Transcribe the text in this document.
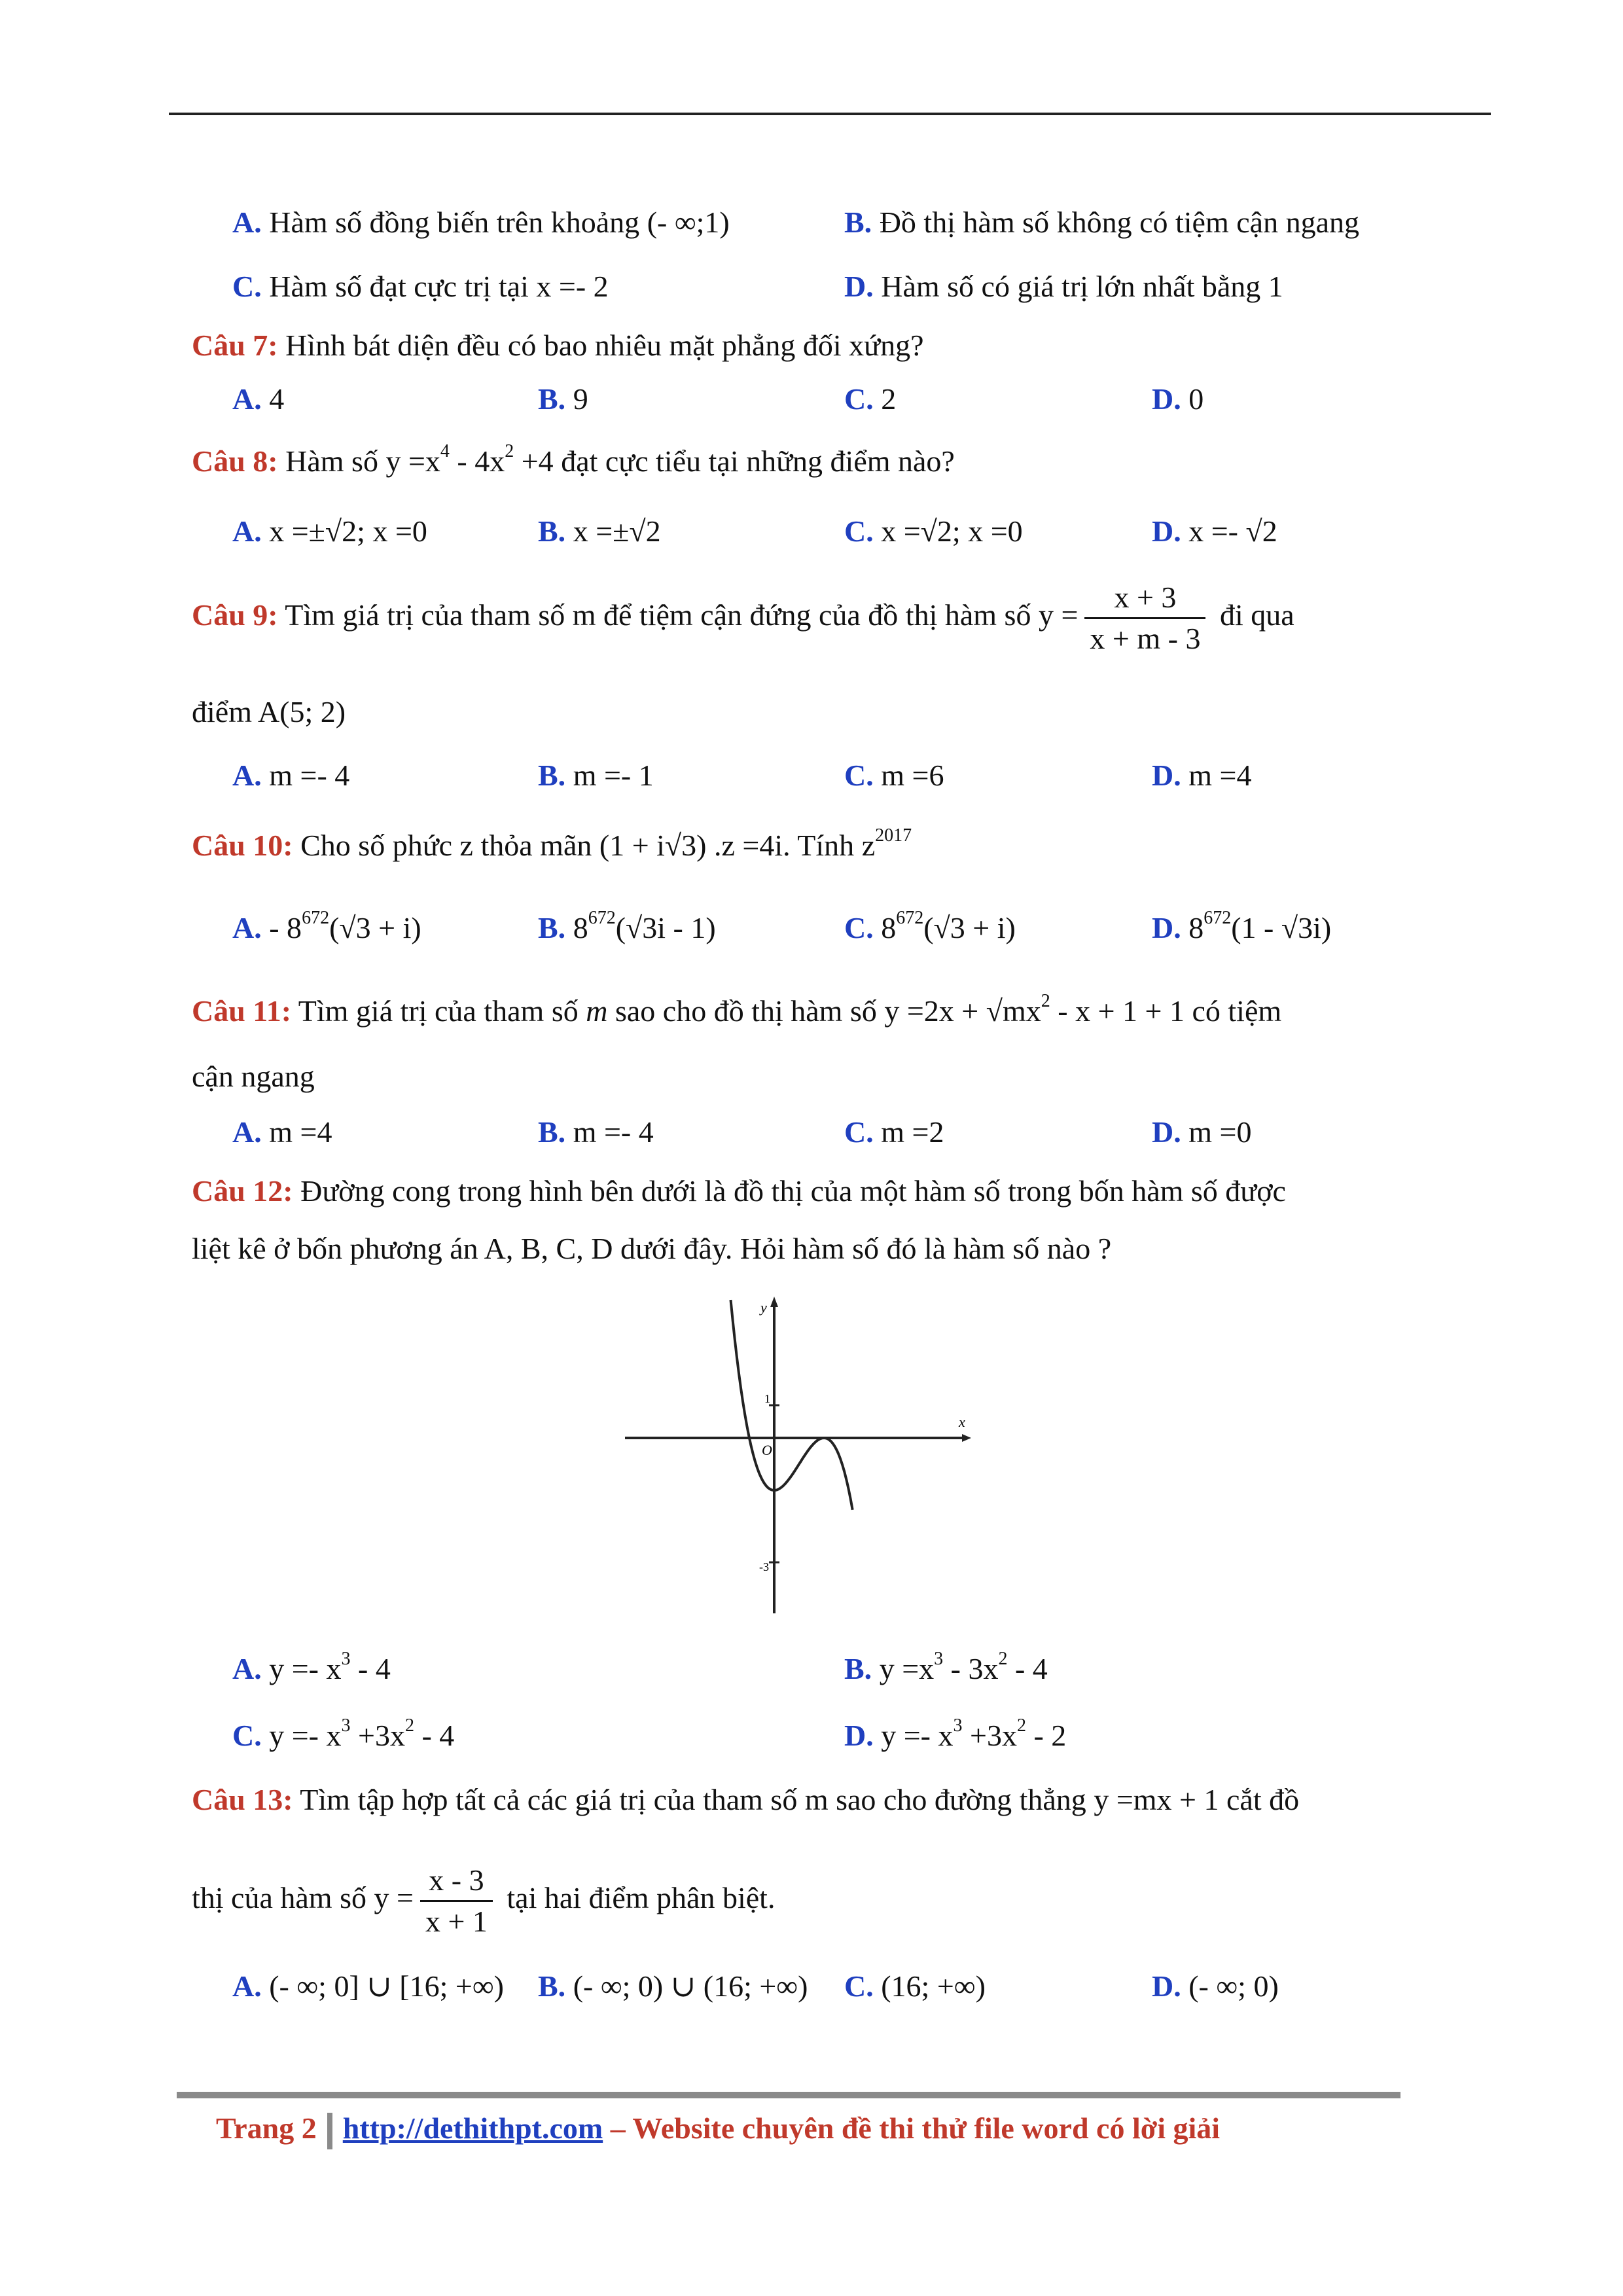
A. Hàm số đồng biến trên khoảng (- ∞;1)	B. Đồ thị hàm số không có tiệm cận ngang
C. Hàm số đạt cực trị tại x =- 2	D. Hàm số có giá trị lớn nhất bằng 1
Câu 7: Hình bát diện đều có bao nhiêu mặt phẳng đối xứng?
A. 4	B. 9	C. 2	D. 0
Câu 8: Hàm số $y =x^4 - 4x^2 +4$ đạt cực tiểu tại những điểm nào?
A. x =±√2; x =0	B. x =±√2	C. x =√2; x =0	D. x =- √2
Câu 9: Tìm giá trị của tham số m để tiệm cận đứng của đồ thị hàm số $y = \frac{x + 3}{x + m - 3}$ đi qua
điểm A(5; 2)
A. m =- 4	B. m =- 1	C. m =6	D. m =4
Câu 10: Cho số phức z thỏa mãn (1 + i√3) .z =4i. Tính $z^{2017}$
A. - $8^{672}(√3 + i)$	B. $8^{672}(√3i - 1)$	C. $8^{672}(√3 + i)$	D. $8^{672}(1 - √3i)$
Câu 11: Tìm giá trị của tham số m sao cho đồ thị hàm số $y =2x + √mx^2 - x + 1 + 1$ có tiệm
cận ngang
A. m =4	B. m =- 4	C. m =2	D. m =0
Câu 12: Đường cong trong hình bên dưới là đồ thị của một hàm số trong bốn hàm số được
liệt kê ở bốn phương án A, B, C, D dưới đây. Hỏi hàm số đó là hàm số nào ?
y
x
O
1
-3
A. $y =- x^3 - 4$	B. $y =x^3 - 3x^2 - 4$
C. $y =- x^3 +3x^2 - 4$	D. $y =- x^3 +3x^2 - 2$
Câu 13: Tìm tập hợp tất cả các giá trị của tham số m sao cho đường thẳng y =mx + 1 cắt đồ
thị của hàm số $y = \frac{x - 3}{x + 1}$ tại hai điểm phân biệt.
A. (- ∞; 0] ∪ [16; +∞) B. (- ∞; 0) ∪ (16; +∞) C. (16; +∞)	D. (- ∞; 0)
Trang 2 http://dethithpt.com – Website chuyên đề thi thử file word có lời giải
